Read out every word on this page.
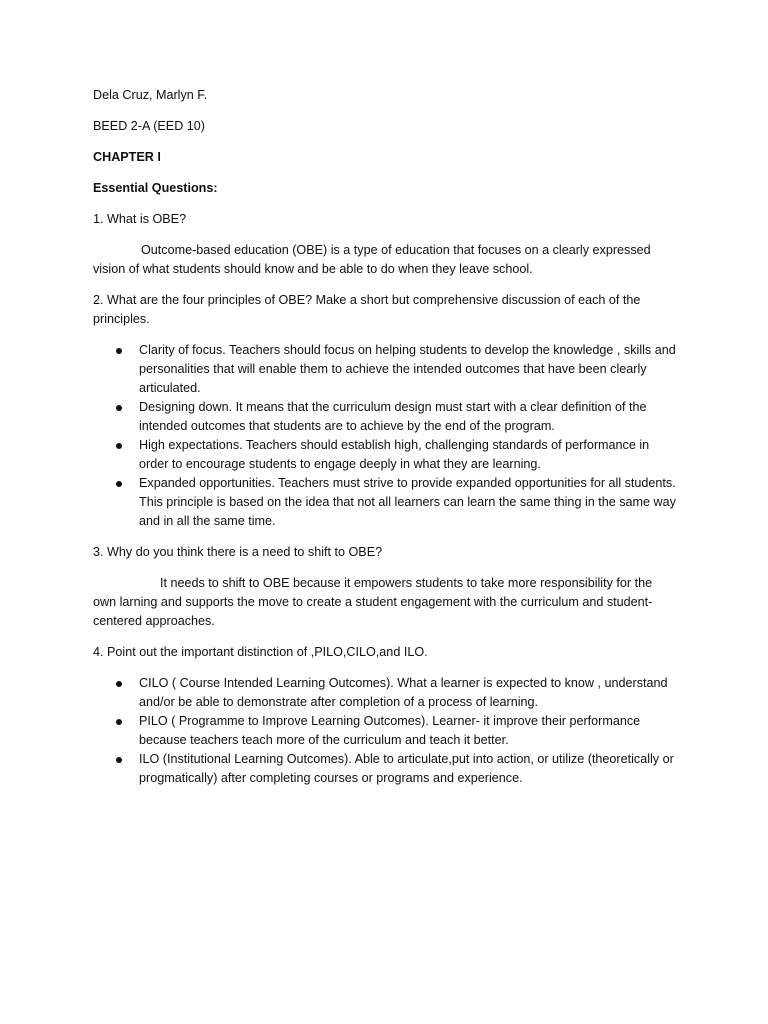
Dela Cruz, Marlyn F.
BEED 2-A (EED 10)
CHAPTER I
Essential Questions:
1. What is OBE?
Outcome-based education (OBE) is a type of education that focuses on a clearly expressed vision of what students should know and be able to do when they leave school.
2. What are the four principles of OBE? Make a short but comprehensive discussion of each of the principles.
Clarity of focus. Teachers should focus on helping students to develop the knowledge , skills and personalities that will enable them to achieve the intended outcomes that have been clearly articulated.
Designing down. It means that the curriculum design must start with a clear definition of the intended outcomes that students are to achieve by the end of the program.
High expectations. Teachers should establish high, challenging standards of performance in order to encourage students to engage deeply in what they are learning.
Expanded opportunities. Teachers must strive to provide expanded opportunities for all students. This principle is based on the idea that not all learners can learn the same thing in the same way and in all the same time.
3. Why do you think there is a need to shift to OBE?
It needs to shift to OBE because it empowers students to take more responsibility for the own larning and supports the move to create a student engagement with the curriculum and student-centered approaches.
4. Point out the important distinction of ,PILO,CILO,and ILO.
CILO ( Course Intended Learning Outcomes). What a learner is expected to know , understand and/or be able to demonstrate after completion of a process of learning.
PILO ( Programme to Improve Learning Outcomes). Learner- it improve their performance because teachers teach more of the curriculum and teach it better.
ILO (Institutional Learning Outcomes). Able to articulate,put into action, or utilize (theoretically or progmatically) after completing courses or programs and experience.
